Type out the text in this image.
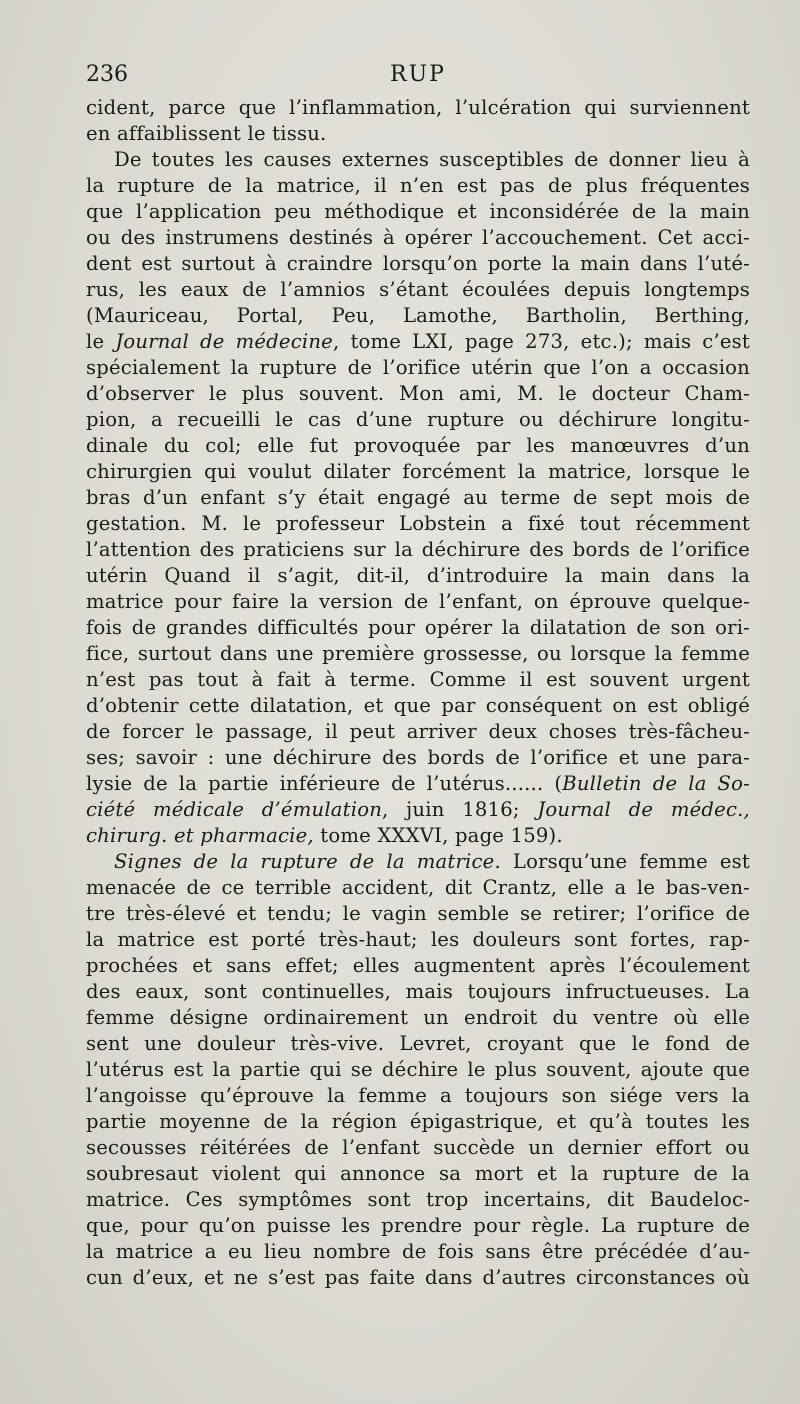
236	RUP
cident, parce que l’inflammation, l’ulcération qui surviennent
en affaiblissent le tissu.
De toutes les causes externes susceptibles de donner lieu à
la rupture de la matrice, il n’en est pas de plus fréquentes
que l’application peu méthodique et inconsidérée de la main
ou des instrumens destinés à opérer l’accouchement. Cet acci-
dent est surtout à craindre lorsqu’on porte la main dans l’uté-
rus, les eaux de l’amnios s’étant écoulées depuis longtemps
(Mauriceau, Portal, Peu, Lamothe, Bartholin, Berthing,
le Journal de médecine, tome LXI, page 273, etc.); mais c’est
spécialement la rupture de l’orifice utérin que l’on a occasion
d’observer le plus souvent. Mon ami, M. le docteur Cham-
pion, a recueilli le cas d’une rupture ou déchirure longitu-
dinale du col; elle fut provoquée par les manœuvres d’un
chirurgien qui voulut dilater forcément la matrice, lorsque le
bras d’un enfant s’y était engagé au terme de sept mois de
gestation. M. le professeur Lobstein a fixé tout récemment
l’attention des praticiens sur la déchirure des bords de l’orifice
utérin Quand il s’agit, dit-il, d’introduire la main dans la
matrice pour faire la version de l’enfant, on éprouve quelque-
fois de grandes difficultés pour opérer la dilatation de son ori-
fice, surtout dans une première grossesse, ou lorsque la femme
n’est pas tout à fait à terme. Comme il est souvent urgent
d’obtenir cette dilatation, et que par conséquent on est obligé
de forcer le passage, il peut arriver deux choses très-fâcheu-
ses; savoir : une déchirure des bords de l’orifice et une para-
lysie de la partie inférieure de l’utérus...... (Bulletin de la So-
ciété médicale d’émulation, juin 1816; Journal de médec.,
chirurg. et pharmacie, tome XXXVI, page 159).
Signes de la rupture de la matrice. Lorsqu’une femme est
menacée de ce terrible accident, dit Crantz, elle a le bas-ven-
tre très-élevé et tendu; le vagin semble se retirer; l’orifice de
la matrice est porté très-haut; les douleurs sont fortes, rap-
prochées et sans effet; elles augmentent après l’écoulement
des eaux, sont continuelles, mais toujours infructueuses. La
femme désigne ordinairement un endroit du ventre où elle
sent une douleur très-vive. Levret, croyant que le fond de
l’utérus est la partie qui se déchire le plus souvent, ajoute que
l’angoisse qu’éprouve la femme a toujours son siége vers la
partie moyenne de la région épigastrique, et qu’à toutes les
secousses réitérées de l’enfant succède un dernier effort ou
soubresaut violent qui annonce sa mort et la rupture de la
matrice. Ces symptômes sont trop incertains, dit Baudeloc-
que, pour qu’on puisse les prendre pour règle. La rupture de
la matrice a eu lieu nombre de fois sans être précédée d’au-
cun d’eux, et ne s’est pas faite dans d’autres circonstances où
